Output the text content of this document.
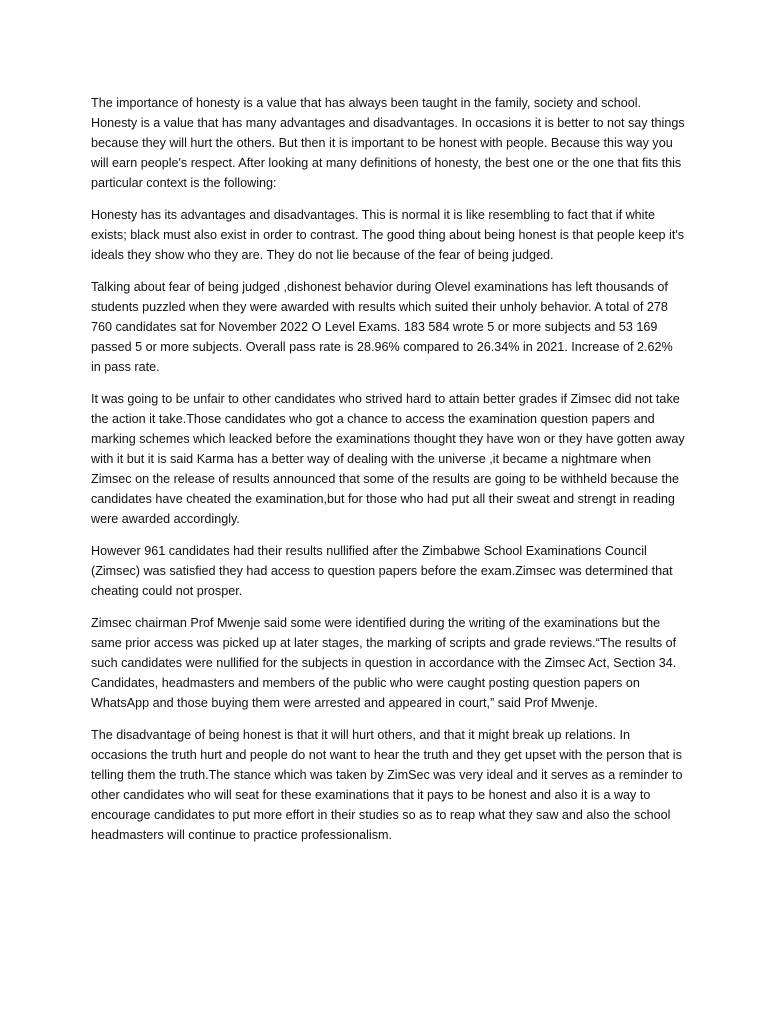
The importance of honesty is a value that has always been taught in the family, society and school. Honesty is a value that has many advantages and disadvantages. In occasions it is better to not say things because they will hurt the others. But then it is important to be honest with people. Because this way you will earn people's respect. After looking at many definitions of honesty, the best one or the one that fits this particular context is the following:

Honesty has its advantages and disadvantages. This is normal it is like resembling to fact that if white exists; black must also exist in order to contrast. The good thing about being honest is that people keep it's ideals they show who they are. They do not lie because of the fear of being judged.

Talking about fear of being judged ,dishonest behavior during Olevel examinations has left thousands of students puzzled when they were awarded with results which suited their unholy behavior. A total of 278 760 candidates sat for November 2022 O Level Exams. 183 584 wrote 5 or more subjects and 53 169 passed 5 or more subjects. Overall pass rate is 28.96% compared to 26.34% in 2021. Increase of 2.62% in pass rate.

It was going to be unfair to other candidates who strived hard to attain better grades if Zimsec did not take the action it take.Those candidates who got a chance to access the examination question papers and marking schemes which leacked before the examinations thought they have won or they have gotten away with it but it is said Karma has a better way of dealing with the universe ,it became a nightmare when Zimsec on the release of results announced that some of the results are going to be withheld because the candidates have cheated the examination,but for those who had put all their sweat and strengt in reading were awarded accordingly.

However 961 candidates had their results nullified after the Zimbabwe School Examinations Council (Zimsec) was satisfied they had access to question papers before the exam.Zimsec was determined that cheating could not prosper.

Zimsec chairman Prof Mwenje said some were identified during the writing of the examinations but the same prior access was picked up at later stages, the marking of scripts and grade reviews.“The results of such candidates were nullified for the subjects in question in accordance with the Zimsec Act, Section 34. Candidates, headmasters and members of the public who were caught posting question papers on WhatsApp and those buying them were arrested and appeared in court,” said Prof Mwenje.

The disadvantage of being honest is that it will hurt others, and that it might break up relations. In occasions the truth hurt and people do not want to hear the truth and they get upset with the person that is telling them the truth.The stance which was taken by ZimSec was very ideal and it serves as a reminder to other candidates who will seat for these examinations that it pays to be honest and also it is a way to encourage candidates to put more effort in their studies so as to reap what they saw and also the school headmasters will continue to practice professionalism.
